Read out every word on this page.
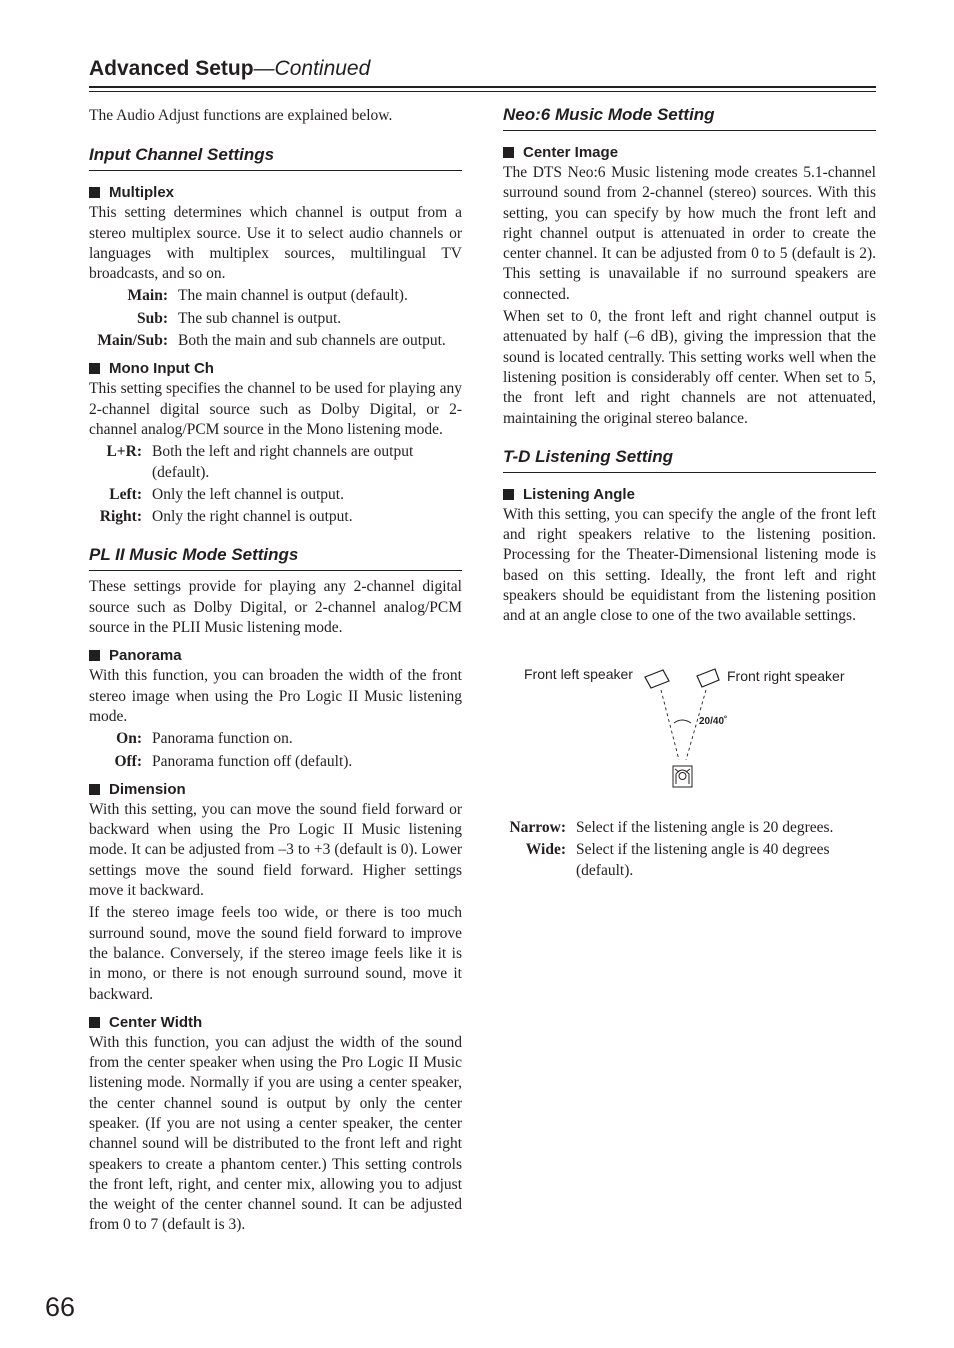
Advanced Setup—Continued

The Audio Adjust functions are explained below.

Input Channel Settings
Multiplex

This setting determines which channel is output from a stereo multiplex source. Use it to select audio channels or languages with multiplex sources, multilingual TV broadcasts, and so on.

Main: The main channel is output (default).
Sub: The sub channel is output.
Main/Sub: Both the main and sub channels are output.
Mono Input Ch

This setting specifies the channel to be used for playing any 2-channel digital source such as Dolby Digital, or 2-channel analog/PCM source in the Mono listening mode.

L+R: Both the left and right channels are output (default).
Left: Only the left channel is output.
Right: Only the right channel is output.
PL II Music Mode Settings

These settings provide for playing any 2-channel digital source such as Dolby Digital, or 2-channel analog/PCM source in the PLII Music listening mode.

Panorama

With this function, you can broaden the width of the front stereo image when using the Pro Logic II Music listening mode.

On: Panorama function on.
Off: Panorama function off (default).
Dimension

With this setting, you can move the sound field forward or backward when using the Pro Logic II Music listening mode. It can be adjusted from –3 to +3 (default is 0). Lower settings move the sound field forward. Higher settings move it backward.

If the stereo image feels too wide, or there is too much surround sound, move the sound field forward to improve the balance. Conversely, if the stereo image feels like it is in mono, or there is not enough surround sound, move it backward.

Center Width

With this function, you can adjust the width of the sound from the center speaker when using the Pro Logic II Music listening mode. Normally if you are using a center speaker, the center channel sound is output by only the center speaker. (If you are not using a center speaker, the center channel sound will be distributed to the front left and right speakers to create a phantom center.) This setting controls the front left, right, and center mix, allowing you to adjust the weight of the center channel sound. It can be adjusted from 0 to 7 (default is 3).

Neo:6 Music Mode Setting
Center Image

The DTS Neo:6 Music listening mode creates 5.1-channel surround sound from 2-channel (stereo) sources. With this setting, you can specify by how much the front left and right channel output is attenuated in order to create the center channel. It can be adjusted from 0 to 5 (default is 2). This setting is unavailable if no surround speakers are connected.

When set to 0, the front left and right channel output is attenuated by half (–6 dB), giving the impression that the sound is located centrally. This setting works well when the listening position is considerably off center. When set to 5, the front left and right channels are not attenuated, maintaining the original stereo balance.

T-D Listening Setting
Listening Angle

With this setting, you can specify the angle of the front left and right speakers relative to the listening position. Processing for the Theater-Dimensional listening mode is based on this setting. Ideally, the front left and right speakers should be equidistant from the listening position and at an angle close to one of the two available settings.

Front left speaker	Front right speaker
20/40˚
Narrow: Select if the listening angle is 20 degrees.
Wide: Select if the listening angle is 40 degrees (default).
66
